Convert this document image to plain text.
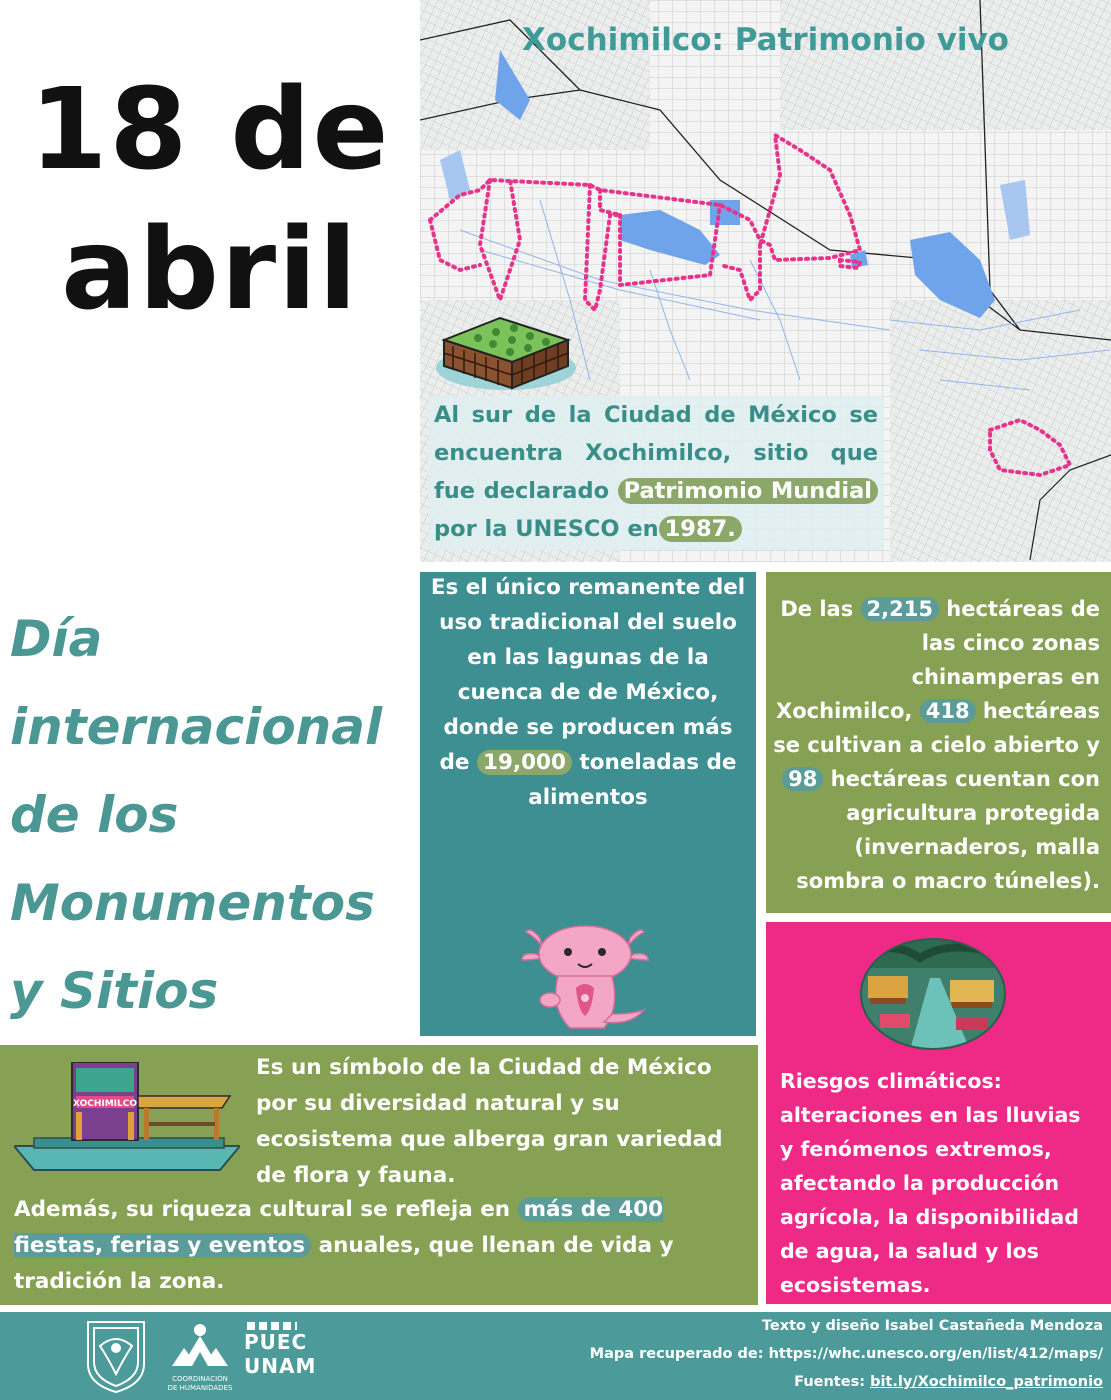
18 de
abril
Xochimilco: Patrimonio vivo
Al sur de la Ciudad de México se encuentra Xochimilco, sitio que fue declarado Patrimonio Mundial por la UNESCO en 1987.
Día
internacional
de los
Monumentos
y Sitios
Es el único remanente del uso tradicional del suelo en las lagunas de la cuenca de de México, donde se producen más de 19,000 toneladas de alimentos
De las 2,215 hectáreas de las cinco zonas chinamperas en Xochimilco, 418 hectáreas se cultivan a cielo abierto y 98 hectáreas cuentan con agricultura protegida (invernaderos, malla sombra o macro túneles).
Riesgos climáticos: alteraciones en las lluvias y fenómenos extremos, afectando la producción agrícola, la disponibilidad de agua, la salud y los ecosistemas.
XOCHIMILCO
Es un símbolo de la Ciudad de México por su diversidad natural y su ecosistema que alberga gran variedad de flora y fauna.
Además, su riqueza cultural se refleja en más de 400 fiestas, ferias y eventos anuales, que llenan de vida y tradición la zona.
COORDINACIÓN
DE HUMANIDADES
PUEC
UNAM
Texto y diseño Isabel Castañeda Mendoza
Mapa recuperado de: https://whc.unesco.org/en/list/412/maps/
Fuentes: bit.ly/Xochimilco_patrimonio
